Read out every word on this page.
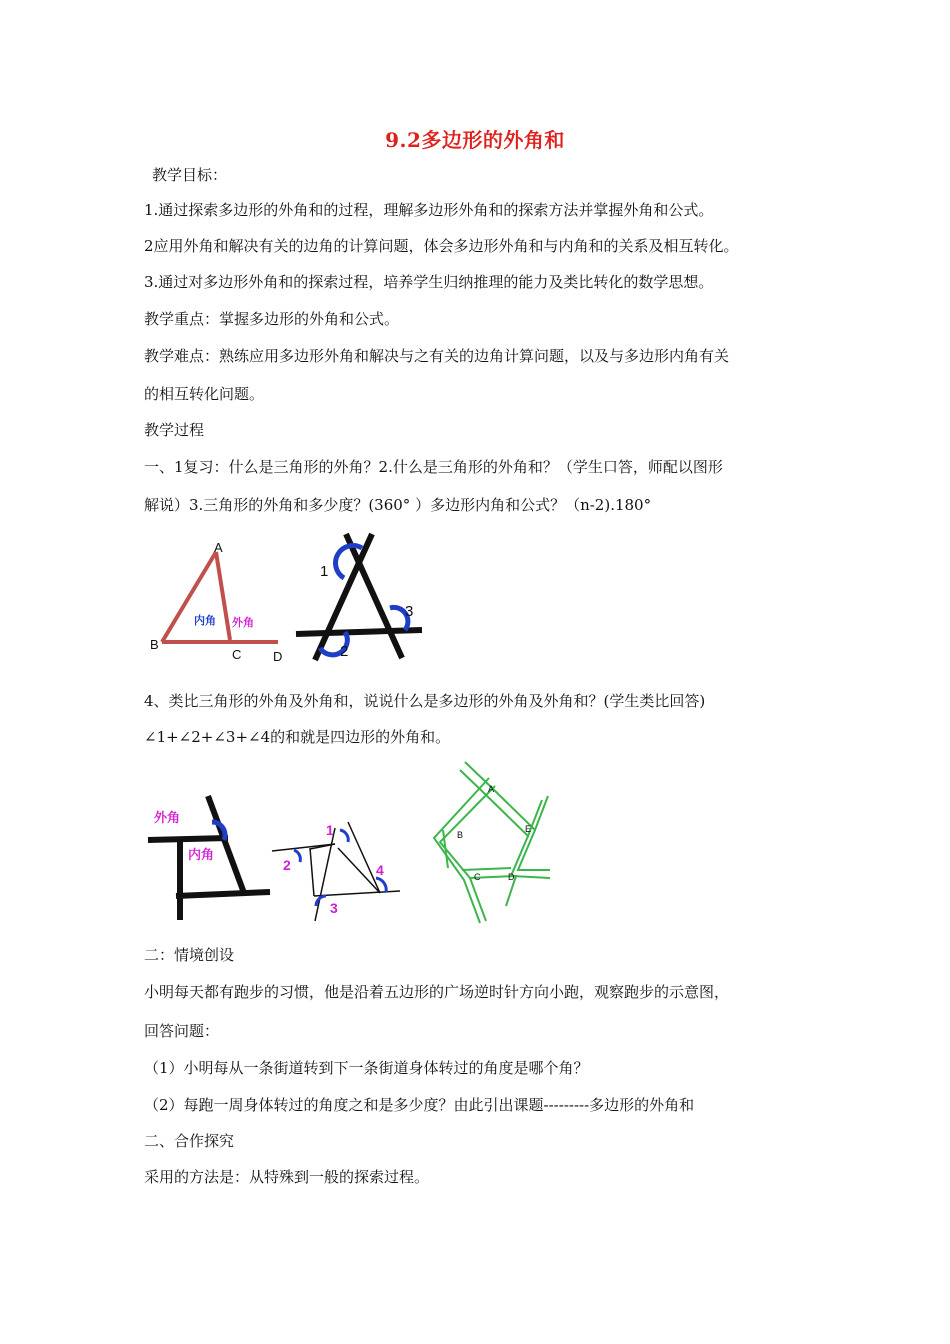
9.2多边形的外角和
教学目标：
1.通过探索多边形的外角和的过程，理解多边形外角和的探索方法并掌握外角和公式。
2应用外角和解决有关的边角的计算问题，体会多边形外角和与内角和的关系及相互转化。
3.通过对多边形外角和的探索过程，培养学生归纳推理的能力及类比转化的数学思想。
教学重点：掌握多边形的外角和公式。
教学难点：熟练应用多边形外角和解决与之有关的边角计算问题，以及与多边形内角有关
的相互转化问题。
教学过程
一、1复习：什么是三角形的外角？2.什么是三角形的外角和？（学生口答，师配以图形
解说）3.三角形的外角和多少度？(360° ）多边形内角和公式？（n-2).180°
A
B
C D
内角 外角
1
2
3
4、类比三角形的外角及外角和，说说什么是多边形的外角及外角和？(学生类比回答)
∠1+∠2+∠3+∠4的和就是四边形的外角和。
外角
内角
1
2
3
4
A
B
C	D
E
二：情境创设
小明每天都有跑步的习惯，他是沿着五边形的广场逆时针方向小跑，观察跑步的示意图，
回答问题：
（1）小明每从一条街道转到下一条街道身体转过的角度是哪个角？
（2）每跑一周身体转过的角度之和是多少度？由此引出课题---------多边形的外角和
二、合作探究
采用的方法是：从特殊到一般的探索过程。
